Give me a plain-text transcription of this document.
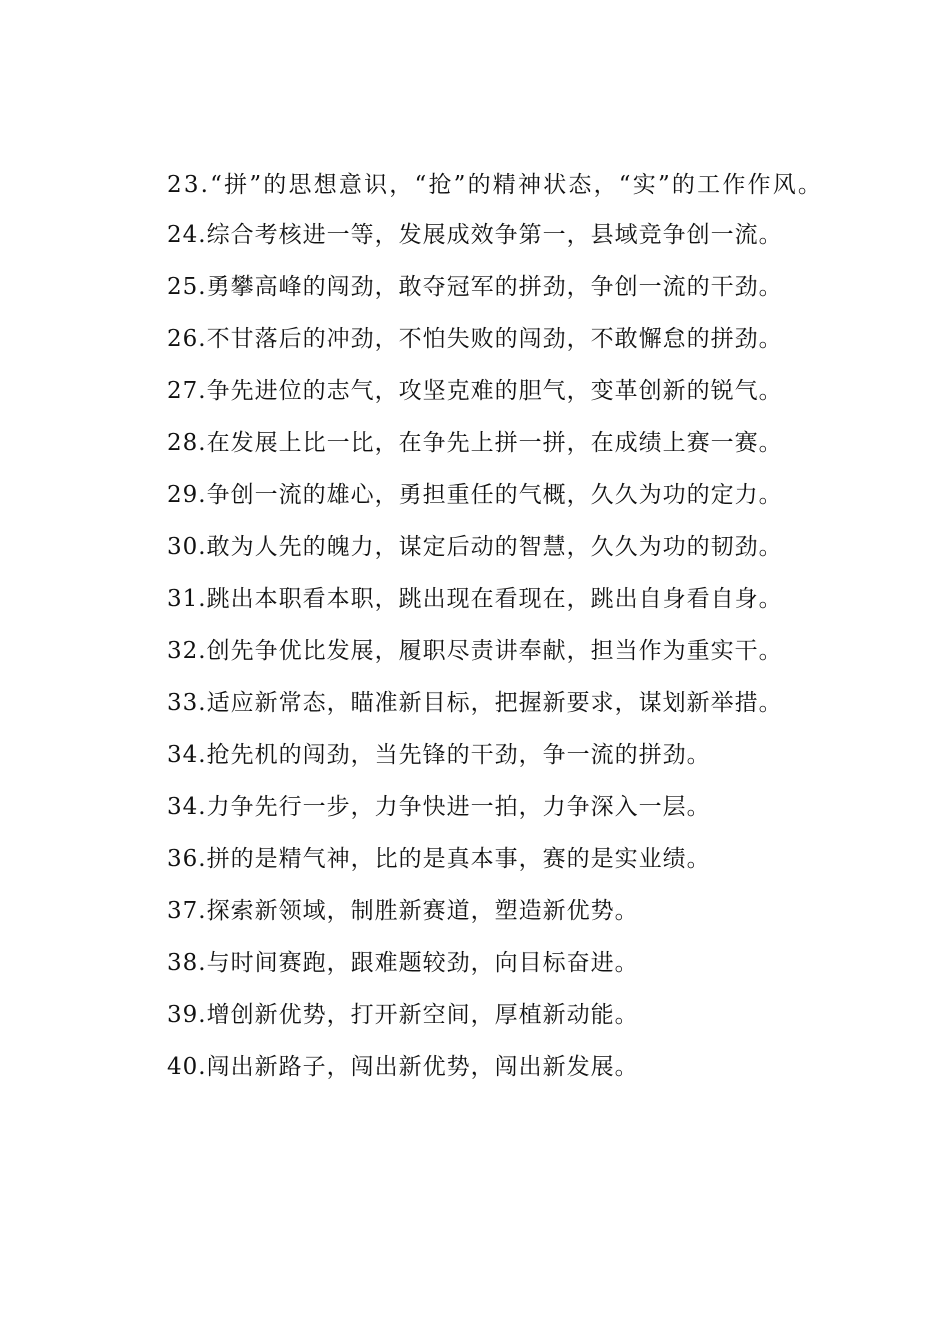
23.“拼”的思想意识，“抢”的精神状态，“实”的工作作风。

24.综合考核进一等，发展成效争第一，县域竞争创一流。

25.勇攀高峰的闯劲，敢夺冠军的拼劲，争创一流的干劲。

26.不甘落后的冲劲，不怕失败的闯劲，不敢懈怠的拼劲。

27.争先进位的志气，攻坚克难的胆气，变革创新的锐气。

28.在发展上比一比，在争先上拼一拼，在成绩上赛一赛。

29.争创一流的雄心，勇担重任的气概，久久为功的定力。

30.敢为人先的魄力，谋定后动的智慧，久久为功的韧劲。

31.跳出本职看本职，跳出现在看现在，跳出自身看自身。

32.创先争优比发展，履职尽责讲奉献，担当作为重实干。

33.适应新常态，瞄准新目标，把握新要求，谋划新举措。

34.抢先机的闯劲，当先锋的干劲，争一流的拼劲。

34.力争先行一步，力争快进一拍，力争深入一层。

36.拼的是精气神，比的是真本事，赛的是实业绩。

37.探索新领域，制胜新赛道，塑造新优势。

38.与时间赛跑，跟难题较劲，向目标奋进。

39.增创新优势，打开新空间，厚植新动能。

40.闯出新路子，闯出新优势，闯出新发展。
